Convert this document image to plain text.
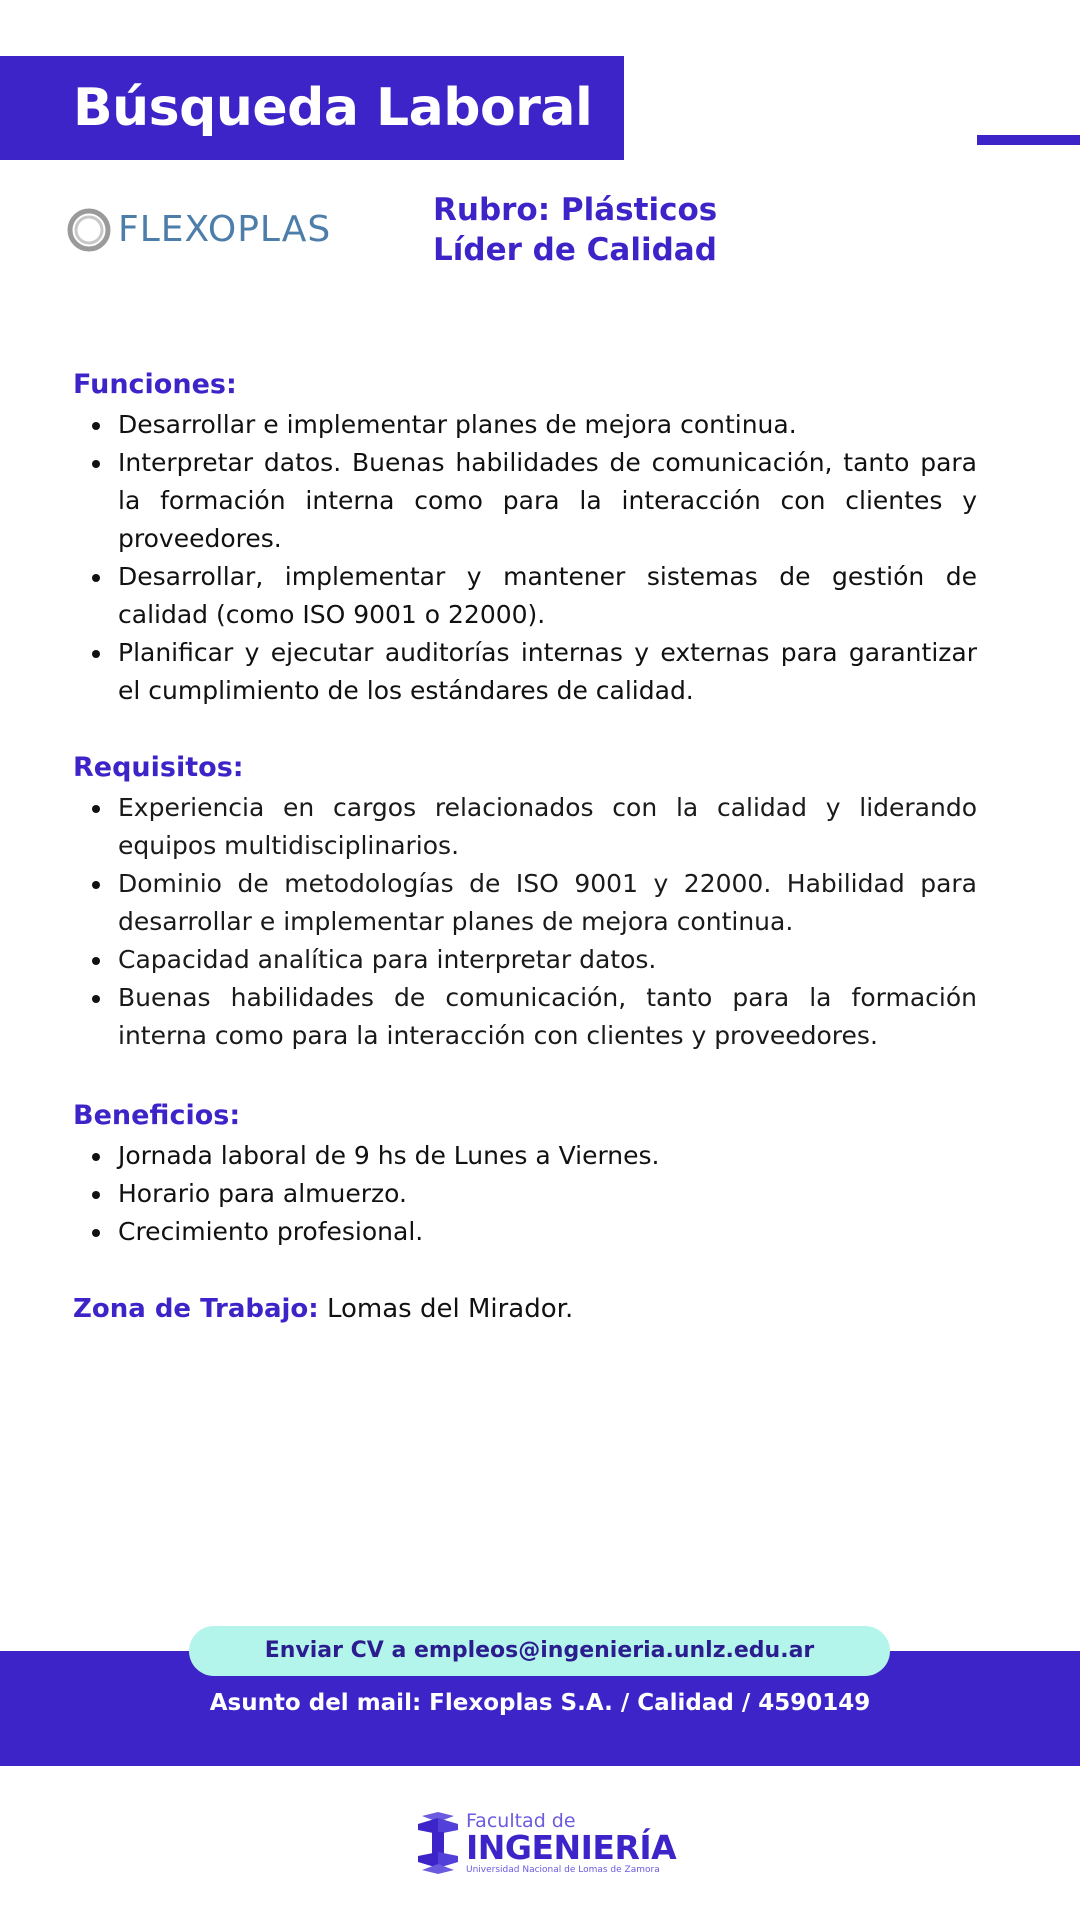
Búsqueda Laboral
FLEXOPLAS	Rubro: Plásticos
Líder de Calidad
Funciones:
Desarrollar e implementar planes de mejora continua.
Interpretar datos. Buenas habilidades de comunicación, tanto para la formación interna como para la interacción con clientes y proveedores.
Desarrollar, implementar y mantener sistemas de gestión de calidad (como ISO 9001 o 22000).
Planificar y ejecutar auditorías internas y externas para garantizar el cumplimiento de los estándares de calidad.
Requisitos:
Experiencia en cargos relacionados con la calidad y liderando equipos multidisciplinarios.
Dominio de metodologías de ISO 9001 y 22000. Habilidad para desarrollar e implementar planes de mejora continua.
Capacidad analítica para interpretar datos.
Buenas habilidades de comunicación, tanto para la formación interna como para la interacción con clientes y proveedores.
Beneficios:
Jornada laboral de 9 hs de Lunes a Viernes.
Horario para almuerzo.
Crecimiento profesional.
Zona de Trabajo: Lomas del Mirador.
Enviar CV a empleos@ingenieria.unlz.edu.ar
Asunto del mail: Flexoplas S.A. / Calidad / 4590149
Facultad de
INGENIERÍA
Universidad Nacional de Lomas de Zamora
